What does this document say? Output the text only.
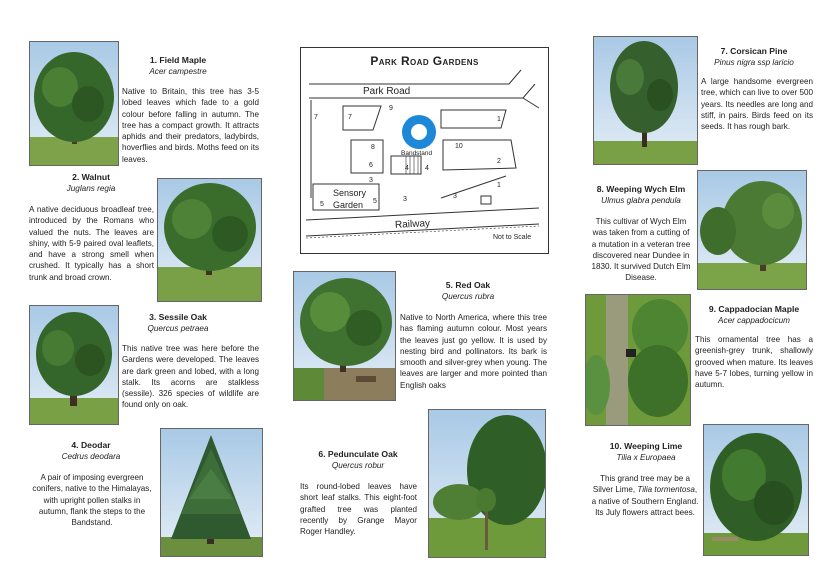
1. Field Maple
Acer campestre

Native to Britain, this tree has 3-5 lobed leaves which fade to a gold colour before falling in autumn. The tree has a compact growth. It attracts aphids and their predators, ladybirds, hoverflies and birds. Moths feed on its leaves.

2. Walnut
Juglans regia

A native deciduous broadleaf tree, introduced by the Romans who valued the nuts. The leaves are shiny, with 5-9 paired oval leaflets, and have a strong smell when crushed. It typically has a short trunk and broad crown.

3. Sessile Oak
Quercus petraea

This native tree was here before the Gardens were developed. The leaves are dark green and lobed, with a long stalk. Its acorns are stalkless (sessile). 326 species of wildlife are found only on oak.

4. Deodar
Cedrus deodara

A pair of imposing evergreen conifers, native to the Himalayas, with upright pollen stalks in autumn, flank the steps to the Bandstand.

Park Road Gardens
Park Road
Bandstand
Sensory
Garden
Railway
Not to Scale
9
7	7	1
8	10
6	4 4
2
3
1
5	5	3	3
5. Red Oak
Quercus rubra

Native to North America, where this tree has flaming autumn colour. Most years the leaves just go yellow. It is used by nesting bird and pollinators. Its bark is smooth and silver-grey when young. The leaves are larger and more pointed than English oaks

6. Pedunculate Oak
Quercus robur

Its round-lobed leaves have short leaf stalks. This eight-foot grafted tree was planted recently by Grange Mayor Roger Handley.

7. Corsican Pine
Pinus nigra ssp laricio

A large handsome evergreen tree, which can live to over 500 years. Its needles are long and stiff, in pairs. Birds feed on its seeds. It has rough bark.

8. Weeping Wych Elm
Ulmus glabra pendula

This cultivar of Wych Elm was taken from a cutting of a mutation in a veteran tree discovered near Dundee in 1830. It survived Dutch Elm Disease.

9. Cappadocian Maple
Acer cappadocicum

This ornamental tree has a greenish-grey trunk, shallowly grooved when mature. Its leaves have 5-7 lobes, turning yellow in autumn.

10. Weeping Lime
Tilia x Europaea

This grand tree may be a Silver Lime, Tilia tormentosa, a native of Southern England. Its July flowers attract bees.
